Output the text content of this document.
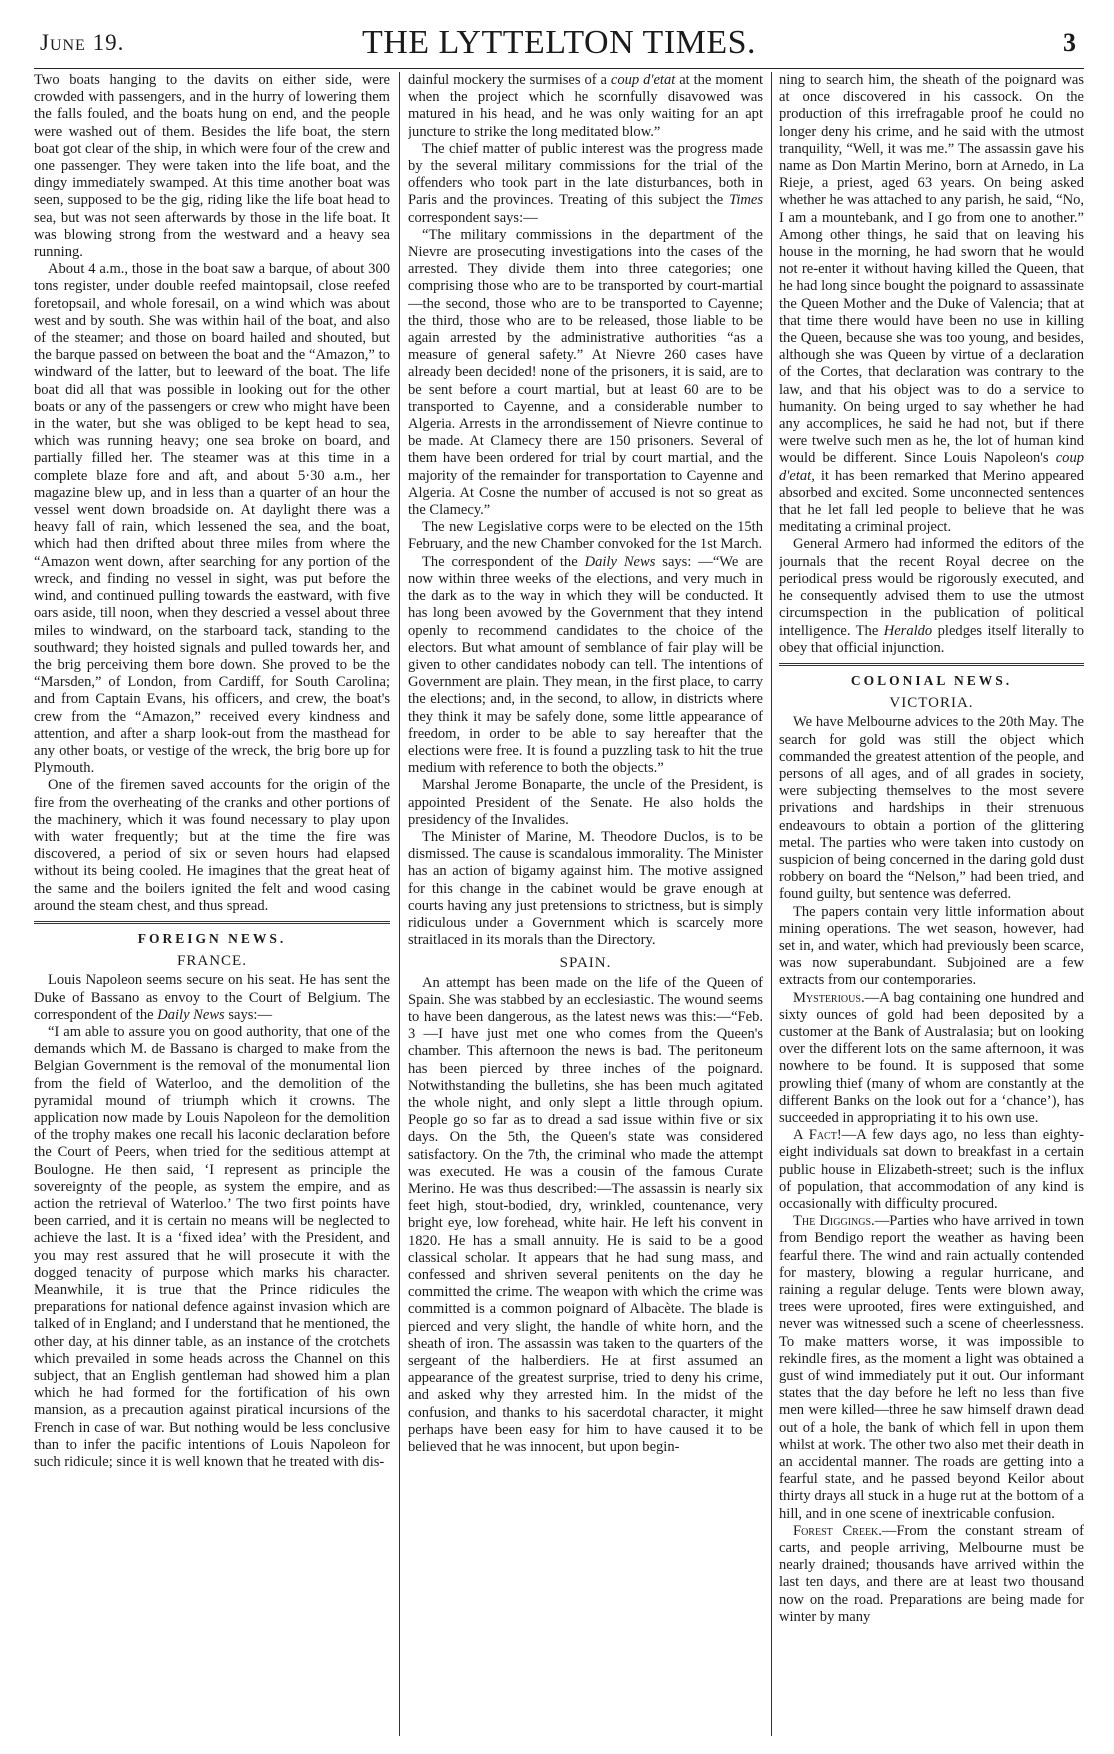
June 19.	THE LYTTELTON TIMES.	3

Two boats hanging to the davits on either side, were crowded with passengers, and in the hurry of lowering them the falls fouled, and the boats hung on end, and the people were washed out of them. Besides the life boat, the stern boat got clear of the ship, in which were four of the crew and one passenger. They were taken into the life boat, and the dingy immediately swamped. At this time another boat was seen, supposed to be the gig, riding like the life boat head to sea, but was not seen afterwards by those in the life boat. It was blowing strong from the westward and a heavy sea running.

About 4 a.m., those in the boat saw a barque, of about 300 tons register, under double reefed maintopsail, close reefed foretopsail, and whole foresail, on a wind which was about west and by south. She was within hail of the boat, and also of the steamer; and those on board hailed and shouted, but the barque passed on between the boat and the “Amazon,” to windward of the latter, but to leeward of the boat. The life boat did all that was possible in looking out for the other boats or any of the passengers or crew who might have been in the water, but she was obliged to be kept head to sea, which was running heavy; one sea broke on board, and partially filled her. The steamer was at this time in a complete blaze fore and aft, and about 5·30 a.m., her magazine blew up, and in less than a quarter of an hour the vessel went down broadside on. At daylight there was a heavy fall of rain, which lessened the sea, and the boat, which had then drifted about three miles from where the “Amazon went down, after searching for any portion of the wreck, and finding no vessel in sight, was put before the wind, and continued pulling towards the eastward, with five oars aside, till noon, when they descried a vessel about three miles to windward, on the starboard tack, standing to the southward; they hoisted signals and pulled towards her, and the brig perceiving them bore down. She proved to be the “Marsden,” of London, from Cardiff, for South Carolina; and from Captain Evans, his officers, and crew, the boat's crew from the “Amazon,” received every kindness and attention, and after a sharp look-out from the masthead for any other boats, or vestige of the wreck, the brig bore up for Plymouth.

One of the firemen saved accounts for the origin of the fire from the overheating of the cranks and other portions of the machinery, which it was found necessary to play upon with water frequently; but at the time the fire was discovered, a period of six or seven hours had elapsed without its being cooled. He imagines that the great heat of the same and the boilers ignited the felt and wood casing around the steam chest, and thus spread.

FOREIGN NEWS.
FRANCE.

Louis Napoleon seems secure on his seat. He has sent the Duke of Bassano as envoy to the Court of Belgium. The correspondent of the Daily News says:—

“I am able to assure you on good authority, that one of the demands which M. de Bassano is charged to make from the Belgian Government is the removal of the monumental lion from the field of Waterloo, and the demolition of the pyramidal mound of triumph which it crowns. The application now made by Louis Napoleon for the demolition of the trophy makes one recall his laconic declaration before the Court of Peers, when tried for the seditious attempt at Boulogne. He then said, ‘I represent as principle the sovereignty of the people, as system the empire, and as action the retrieval of Waterloo.’ The two first points have been carried, and it is certain no means will be neglected to achieve the last. It is a ‘fixed idea’ with the President, and you may rest assured that he will prosecute it with the dogged tenacity of purpose which marks his character. Meanwhile, it is true that the Prince ridicules the preparations for national defence against invasion which are talked of in England; and I understand that he mentioned, the other day, at his dinner table, as an instance of the crotchets which prevailed in some heads across the Channel on this subject, that an English gentleman had showed him a plan which he had formed for the fortification of his own mansion, as a precaution against piratical incursions of the French in case of war. But nothing would be less conclusive than to infer the pacific intentions of Louis Napoleon for such ridicule; since it is well known that he treated with dis-

dainful mockery the surmises of a coup d'etat at the moment when the project which he scornfully disavowed was matured in his head, and he was only waiting for an apt juncture to strike the long meditated blow.”

The chief matter of public interest was the progress made by the several military commissions for the trial of the offenders who took part in the late disturbances, both in Paris and the provinces. Treating of this subject the Times correspondent says:—

“The military commissions in the department of the Nievre are prosecuting investigations into the cases of the arrested. They divide them into three categories; one comprising those who are to be transported by court-martial—the second, those who are to be transported to Cayenne; the third, those who are to be released, those liable to be again arrested by the administrative authorities “as a measure of general safety.” At Nievre 260 cases have already been decided! none of the prisoners, it is said, are to be sent before a court martial, but at least 60 are to be transported to Cayenne, and a considerable number to Algeria. Arrests in the arrondissement of Nievre continue to be made. At Clamecy there are 150 prisoners. Several of them have been ordered for trial by court martial, and the majority of the remainder for transportation to Cayenne and Algeria. At Cosne the number of accused is not so great as the Clamecy.”

The new Legislative corps were to be elected on the 15th February, and the new Chamber convoked for the 1st March.

The correspondent of the Daily News says: —“We are now within three weeks of the elections, and very much in the dark as to the way in which they will be conducted. It has long been avowed by the Government that they intend openly to recommend candidates to the choice of the electors. But what amount of semblance of fair play will be given to other candidates nobody can tell. The intentions of Government are plain. They mean, in the first place, to carry the elections; and, in the second, to allow, in districts where they think it may be safely done, some little appearance of freedom, in order to be able to say hereafter that the elections were free. It is found a puzzling task to hit the true medium with reference to both the objects.”

Marshal Jerome Bonaparte, the uncle of the President, is appointed President of the Senate. He also holds the presidency of the Invalides.

The Minister of Marine, M. Theodore Duclos, is to be dismissed. The cause is scandalous immorality. The Minister has an action of bigamy against him. The motive assigned for this change in the cabinet would be grave enough at courts having any just pretensions to strictness, but is simply ridiculous under a Government which is scarcely more straitlaced in its morals than the Directory.

SPAIN.

An attempt has been made on the life of the Queen of Spain. She was stabbed by an ecclesiastic. The wound seems to have been dangerous, as the latest news was this:—“Feb. 3 —I have just met one who comes from the Queen's chamber. This afternoon the news is bad. The peritoneum has been pierced by three inches of the poignard. Notwithstanding the bulletins, she has been much agitated the whole night, and only slept a little through opium. People go so far as to dread a sad issue within five or six days. On the 5th, the Queen's state was considered satisfactory. On the 7th, the criminal who made the attempt was executed. He was a cousin of the famous Curate Merino. He was thus described:—The assassin is nearly six feet high, stout-bodied, dry, wrinkled, countenance, very bright eye, low forehead, white hair. He left his convent in 1820. He has a small annuity. He is said to be a good classical scholar. It appears that he had sung mass, and confessed and shriven several penitents on the day he committed the crime. The weapon with which the crime was committed is a common poignard of Albacète. The blade is pierced and very slight, the handle of white horn, and the sheath of iron. The assassin was taken to the quarters of the sergeant of the halberdiers. He at first assumed an appearance of the greatest surprise, tried to deny his crime, and asked why they arrested him. In the midst of the confusion, and thanks to his sacerdotal character, it might perhaps have been easy for him to have caused it to be believed that he was innocent, but upon begin-

ning to search him, the sheath of the poignard was at once discovered in his cassock. On the production of this irrefragable proof he could no longer deny his crime, and he said with the utmost tranquility, “Well, it was me.” The assassin gave his name as Don Martin Merino, born at Arnedo, in La Rieje, a priest, aged 63 years. On being asked whether he was attached to any parish, he said, “No, I am a mountebank, and I go from one to another.” Among other things, he said that on leaving his house in the morning, he had sworn that he would not re-enter it without having killed the Queen, that he had long since bought the poignard to assassinate the Queen Mother and the Duke of Valencia; that at that time there would have been no use in killing the Queen, because she was too young, and besides, although she was Queen by virtue of a declaration of the Cortes, that declaration was contrary to the law, and that his object was to do a service to humanity. On being urged to say whether he had any accomplices, he said he had not, but if there were twelve such men as he, the lot of human kind would be different. Since Louis Napoleon's coup d'etat, it has been remarked that Merino appeared absorbed and excited. Some unconnected sentences that he let fall led people to believe that he was meditating a criminal project.

General Armero had informed the editors of the journals that the recent Royal decree on the periodical press would be rigorously executed, and he consequently advised them to use the utmost circumspection in the publication of political intelligence. The Heraldo pledges itself literally to obey that official injunction.

COLONIAL NEWS.
VICTORIA.

We have Melbourne advices to the 20th May. The search for gold was still the object which commanded the greatest attention of the people, and persons of all ages, and of all grades in society, were subjecting themselves to the most severe privations and hardships in their strenuous endeavours to obtain a portion of the glittering metal. The parties who were taken into custody on suspicion of being concerned in the daring gold dust robbery on board the “Nelson,” had been tried, and found guilty, but sentence was deferred.

The papers contain very little information about mining operations. The wet season, however, had set in, and water, which had previously been scarce, was now superabundant. Subjoined are a few extracts from our contemporaries.

Mysterious.—A bag containing one hundred and sixty ounces of gold had been deposited by a customer at the Bank of Australasia; but on looking over the different lots on the same afternoon, it was nowhere to be found. It is supposed that some prowling thief (many of whom are constantly at the different Banks on the look out for a ‘chance’), has succeeded in appropriating it to his own use.

A Fact!—A few days ago, no less than eighty-eight individuals sat down to breakfast in a certain public house in Elizabeth-street; such is the influx of population, that accommodation of any kind is occasionally with difficulty procured.

The Diggings.—Parties who have arrived in town from Bendigo report the weather as having been fearful there. The wind and rain actually contended for mastery, blowing a regular hurricane, and raining a regular deluge. Tents were blown away, trees were uprooted, fires were extinguished, and never was witnessed such a scene of cheerlessness. To make matters worse, it was impossible to rekindle fires, as the moment a light was obtained a gust of wind immediately put it out. Our informant states that the day before he left no less than five men were killed—three he saw himself drawn dead out of a hole, the bank of which fell in upon them whilst at work. The other two also met their death in an accidental manner. The roads are getting into a fearful state, and he passed beyond Keilor about thirty drays all stuck in a huge rut at the bottom of a hill, and in one scene of inextricable confusion.

Forest Creek.—From the constant stream of carts, and people arriving, Melbourne must be nearly drained; thousands have arrived within the last ten days, and there are at least two thousand now on the road. Preparations are being made for winter by many
